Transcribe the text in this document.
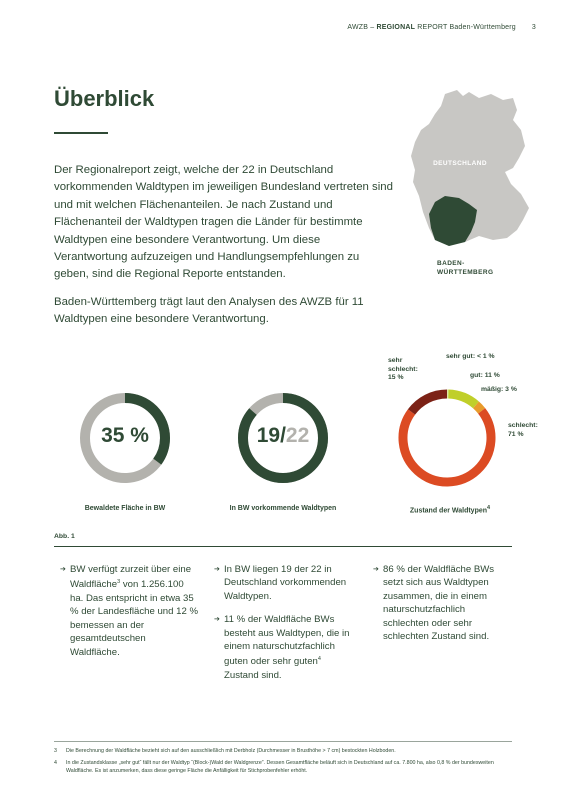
AWZB – REGIONAL REPORT Baden-Württemberg 3
Überblick
Der Regionalreport zeigt, welche der 22 in Deutschland vorkommenden Waldtypen im jeweiligen Bundesland vertreten sind und mit welchen Flächenanteilen. Je nach Zustand und Flächenanteil der Waldtypen tragen die Länder für bestimmte Waldtypen eine besondere Verantwortung. Um diese Verantwortung aufzuzeigen und Handlungsempfehlungen zu geben, sind die Regional Reporte entstanden.
Baden-Württemberg trägt laut den Analysen des AWZB für 11 Waldtypen eine besondere Verantwortung.
DEUTSCHLAND
BADEN-
WÜRTTEMBERG
35 %
Bewaldete Fläche in BW
19/22
In BW vorkommende Waldtypen
sehr
schlecht:
15 %
sehr gut: < 1 %
gut: 11 %
mäßig: 3 %
schlecht:
71 %
Zustand der Waldtypen$^4$
Abb. 1
➔ BW verfügt zurzeit über eine Waldfläche$^3$ von 1.256.100 ha. Das entspricht in etwa 35 % der Landesfläche und 12 % bemessen an der gesamtdeutschen Waldfläche.
➔ In BW liegen 19 der 22 in Deutschland vorkommenden Waldtypen.
➔ 11 % der Waldfläche BWs besteht aus Waldtypen, die in einem naturschutzfachlich guten oder sehr guten$^4$ Zustand sind.
➔ 86 % der Waldfläche BWs setzt sich aus Waldtypen zusammen, die in einem naturschutzfachlich schlechten oder sehr schlechten Zustand sind.
3	Die Berechnung der Waldfläche bezieht sich auf den ausschließlich mit Derbholz (Durchmesser in Brusthöhe > 7 cm) bestockten Holzboden.
4	In die Zustandsklasse „sehr gut“ fällt nur der Waldtyp “(Block-)Wald der Waldgrenze”. Dessen Gesamtfläche beläuft sich in Deutschland auf ca. 7.800 ha, also 0,8 % der bundesweiten Waldfläche. Es ist anzumerken, dass diese geringe Fläche die Anfälligkeit für Stichprobenfehler erhöht.
